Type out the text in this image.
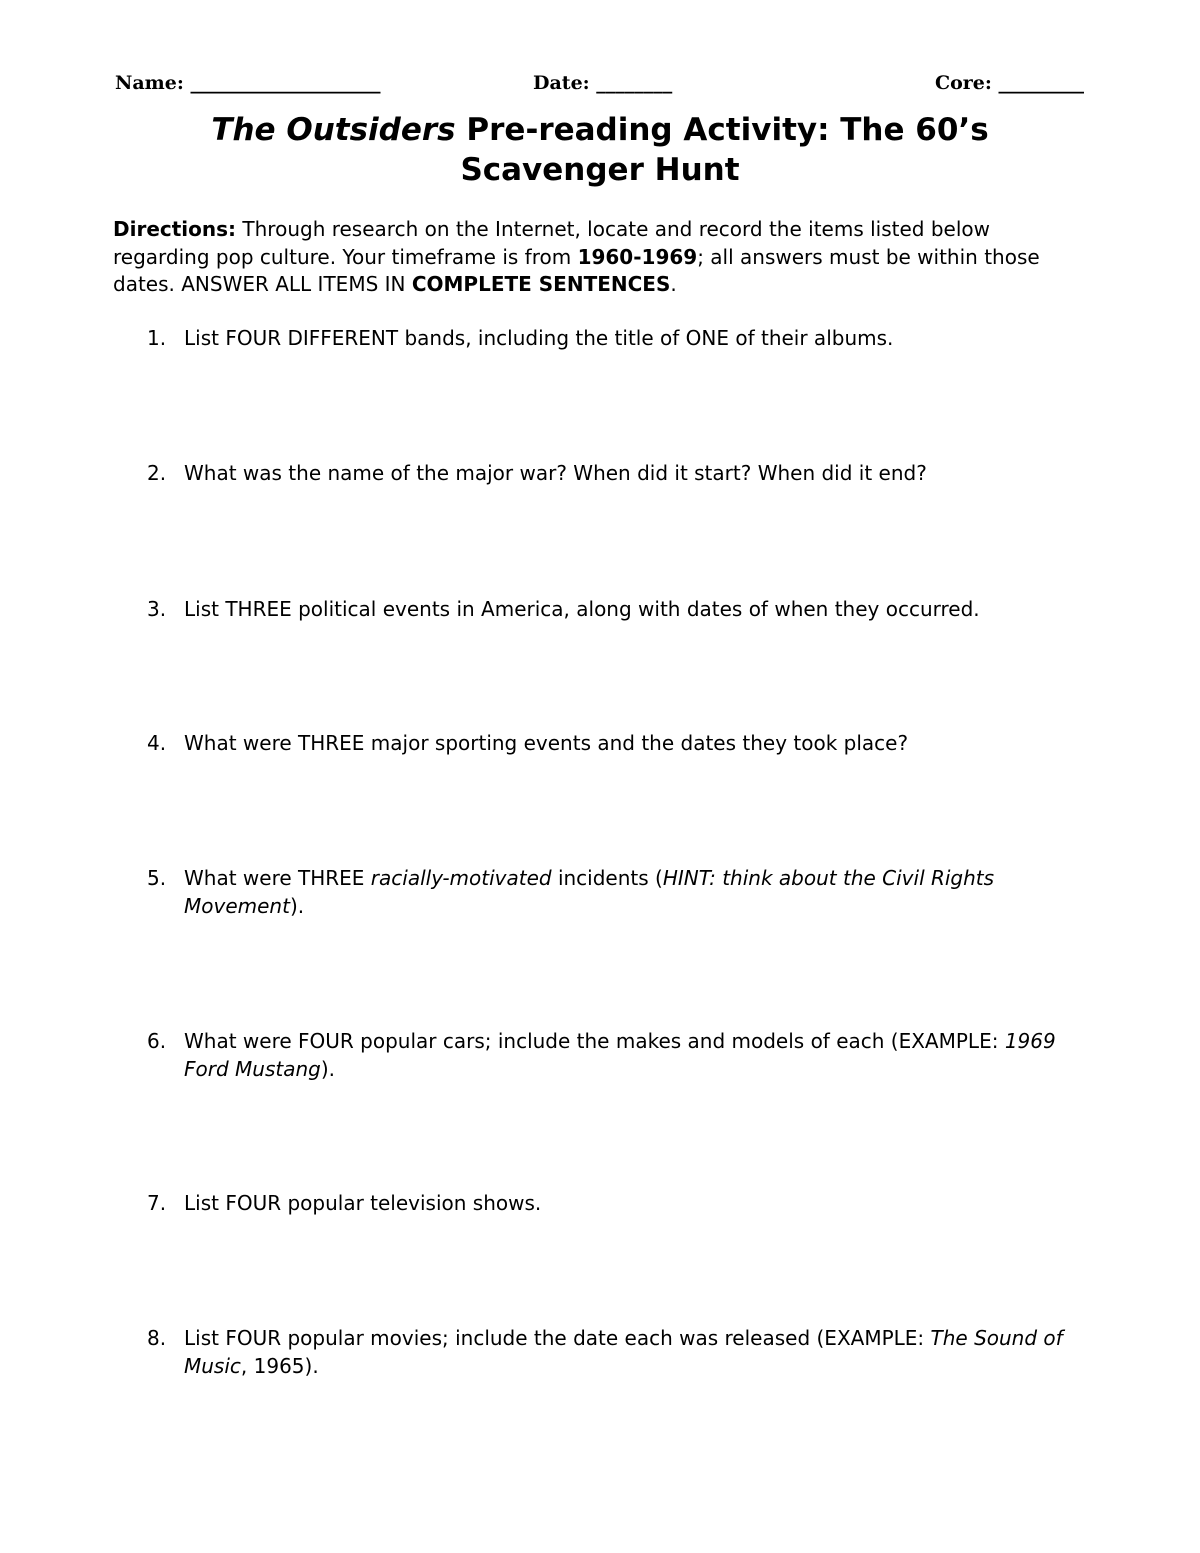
Name: ____________________	Date: ________	Core: _________
The Outsiders Pre-reading Activity: The 60’s
Scavenger Hunt
Directions: Through research on the Internet, locate and record the items listed below regarding pop culture. Your timeframe is from 1960-1969; all answers must be within those dates. ANSWER ALL ITEMS IN COMPLETE SENTENCES.
1. List FOUR DIFFERENT bands, including the title of ONE of their albums.
2. What was the name of the major war? When did it start? When did it end?
3. List THREE political events in America, along with dates of when they occurred.
4. What were THREE major sporting events and the dates they took place?
5. What were THREE racially-motivated incidents (HINT: think about the Civil Rights Movement).
6. What were FOUR popular cars; include the makes and models of each (EXAMPLE: 1969 Ford Mustang).
7. List FOUR popular television shows.
8. List FOUR popular movies; include the date each was released (EXAMPLE: The Sound of Music, 1965).
